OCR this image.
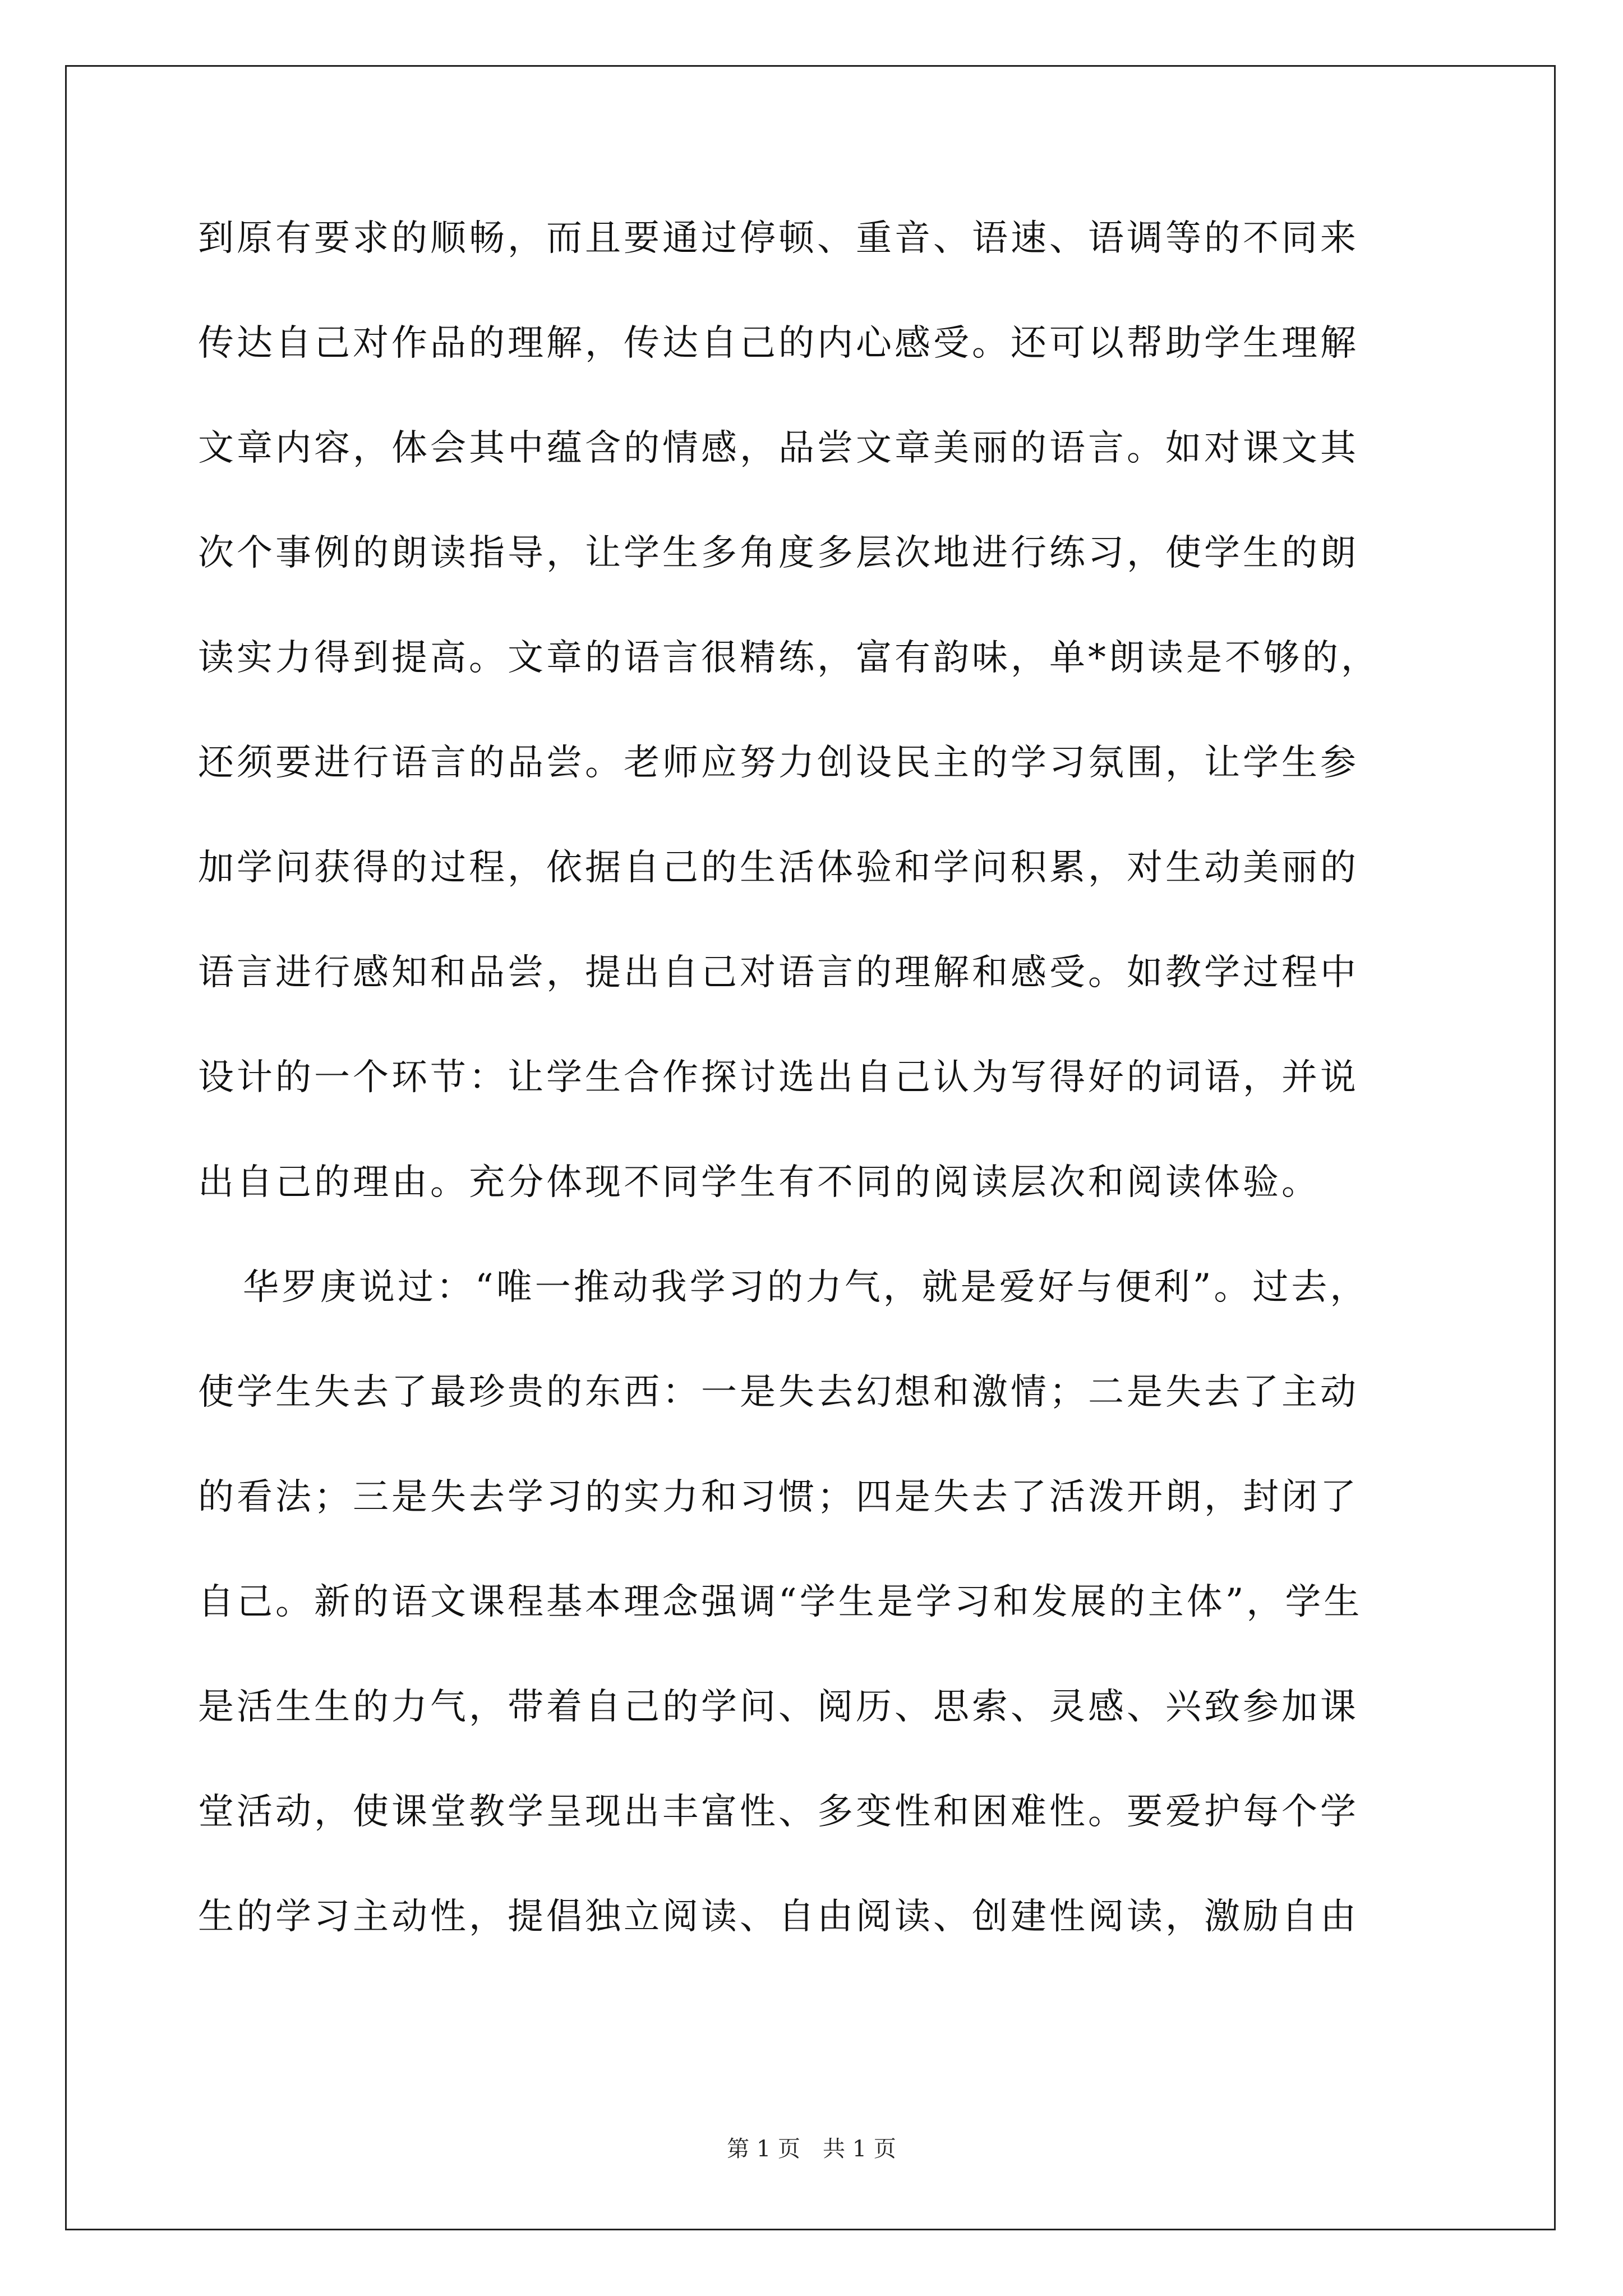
到原有要求的顺畅，而且要通过停顿、重音、语速、语调等的不同来
传达自己对作品的理解，传达自己的内心感受。还可以帮助学生理解
文章内容，体会其中蕴含的情感，品尝文章美丽的语言。如对课文其
次个事例的朗读指导，让学生多角度多层次地进行练习，使学生的朗
读实力得到提高。文章的语言很精练，富有韵味，单*朗读是不够的，
还须要进行语言的品尝。老师应努力创设民主的学习氛围，让学生参
加学问获得的过程，依据自己的生活体验和学问积累，对生动美丽的
语言进行感知和品尝，提出自己对语言的理解和感受。如教学过程中
设计的一个环节：让学生合作探讨选出自己认为写得好的词语，并说
出自己的理由。充分体现不同学生有不同的阅读层次和阅读体验。
华罗庚说过：“唯一推动我学习的力气，就是爱好与便利”。过去，
使学生失去了最珍贵的东西：一是失去幻想和激情；二是失去了主动
的看法；三是失去学习的实力和习惯；四是失去了活泼开朗，封闭了
自己。新的语文课程基本理念强调“学生是学习和发展的主体”，学生
是活生生的力气，带着自己的学问、阅历、思索、灵感、兴致参加课
堂活动，使课堂教学呈现出丰富性、多变性和困难性。要爱护每个学
生的学习主动性，提倡独立阅读、自由阅读、创建性阅读，激励自由
第 1 页　共 1 页
